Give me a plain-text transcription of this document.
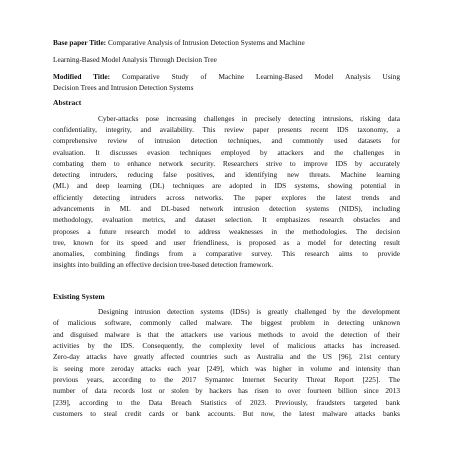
Base paper Title: Comparative Analysis of Intrusion Detection Systems and Machine
Learning-Based Model Analysis Through Decision Tree
Modified Title: Comparative Study of Machine Learning-Based Model Analysis Using
Decision Trees and Intrusion Detection Systems
Abstract
Cyber-attacks pose increasing challenges in precisely detecting intrusions, risking data
confidentiality, integrity, and availability. This review paper presents recent IDS taxonomy, a
comprehensive review of intrusion detection techniques, and commonly used datasets for
evaluation. It discusses evasion techniques employed by attackers and the challenges in
combating them to enhance network security. Researchers strive to improve IDS by accurately
detecting intruders, reducing false positives, and identifying new threats. Machine learning
(ML) and deep learning (DL) techniques are adopted in IDS systems, showing potential in
efficiently detecting intruders across networks. The paper explores the latest trends and
advancements in ML and DL-based network intrusion detection systems (NIDS), including
methodology, evaluation metrics, and dataset selection. It emphasizes research obstacles and
proposes a future research model to address weaknesses in the methodologies. The decision
tree, known for its speed and user friendliness, is proposed as a model for detecting result
anomalies, combining findings from a comparative survey. This research aims to provide
insights into building an effective decision tree-based detection framework.
Existing System
Designing intrusion detection systems (IDSs) is greatly challenged by the development
of malicious software, commonly called malware. The biggest problem in detecting unknown
and disguised malware is that the attackers use various methods to avoid the detection of their
activities by the IDS. Consequently, the complexity level of malicious attacks has increased.
Zero-day attacks have greatly affected countries such as Australia and the US [96]. 21st century
is seeing more zeroday attacks each year [249], which was higher in volume and intensity than
previous years, according to the 2017 Symantec Internet Security Threat Report [225]. The
number of data records lost or stolen by hackers has risen to over fourteen billion since 2013
[239], according to the Data Breach Statistics of 2023. Previously, fraudsters targeted bank
customers to steal credit cards or bank accounts. But now, the latest malware attacks banks
